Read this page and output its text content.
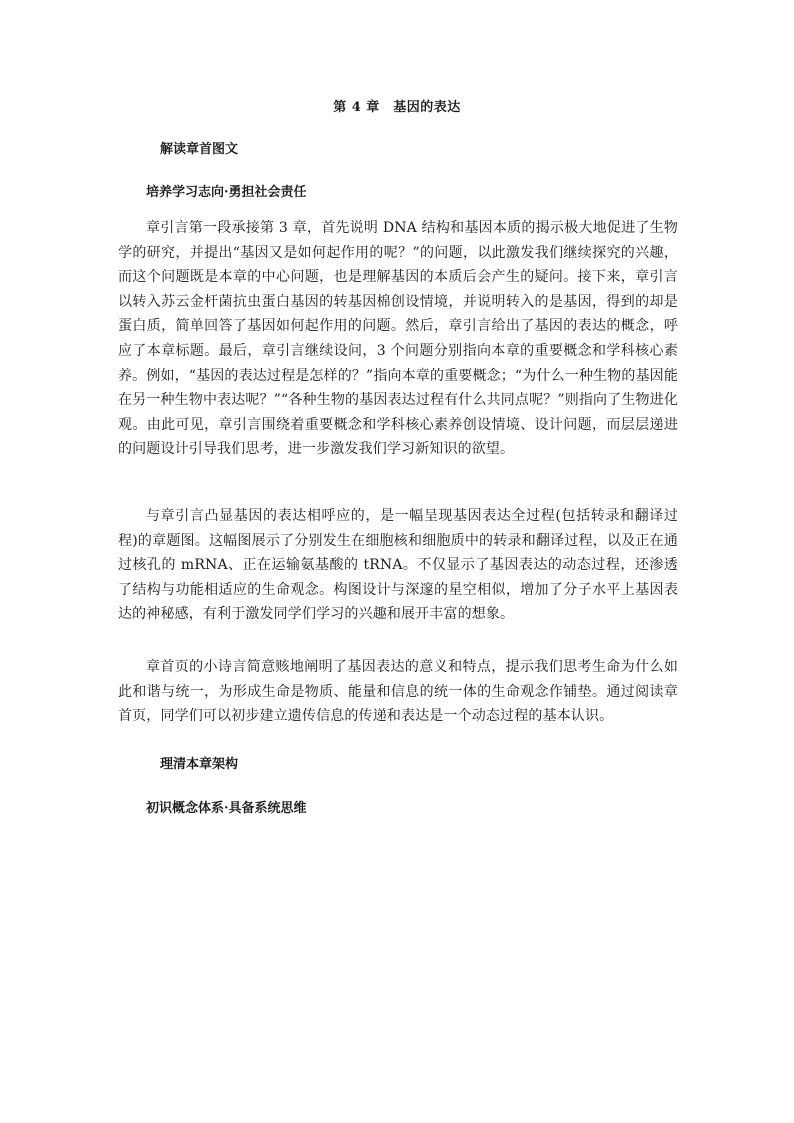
第 4 章　基因的表达
解读章首图文
培养学习志向·勇担社会责任

章引言第一段承接第 3 章，首先说明 DNA 结构和基因本质的揭示极大地促进了生物学的研究，并提出“基因又是如何起作用的呢？”的问题，以此激发我们继续探究的兴趣，而这个问题既是本章的中心问题，也是理解基因的本质后会产生的疑问。接下来，章引言以转入苏云金杆菌抗虫蛋白基因的转基因棉创设情境，并说明转入的是基因，得到的却是蛋白质，简单回答了基因如何起作用的问题。然后，章引言给出了基因的表达的概念，呼应了本章标题。最后，章引言继续设问，3 个问题分别指向本章的重要概念和学科核心素养。例如，“基因的表达过程是怎样的？”指向本章的重要概念；“为什么一种生物的基因能在另一种生物中表达呢？”“各种生物的基因表达过程有什么共同点呢？”则指向了生物进化观。由此可见，章引言围绕着重要概念和学科核心素养创设情境、设计问题，而层层递进的问题设计引导我们思考，进一步激发我们学习新知识的欲望。

与章引言凸显基因的表达相呼应的，是一幅呈现基因表达全过程(包括转录和翻译过程)的章题图。这幅图展示了分别发生在细胞核和细胞质中的转录和翻译过程，以及正在通过核孔的 mRNA、正在运输氨基酸的 tRNA。不仅显示了基因表达的动态过程，还渗透了结构与功能相适应的生命观念。构图设计与深邃的星空相似，增加了分子水平上基因表达的神秘感，有利于激发同学们学习的兴趣和展开丰富的想象。

章首页的小诗言简意赅地阐明了基因表达的意义和特点，提示我们思考生命为什么如此和谐与统一，为形成生命是物质、能量和信息的统一体的生命观念作铺垫。通过阅读章首页，同学们可以初步建立遗传信息的传递和表达是一个动态过程的基本认识。

理清本章架构
初识概念体系·具备系统思维
